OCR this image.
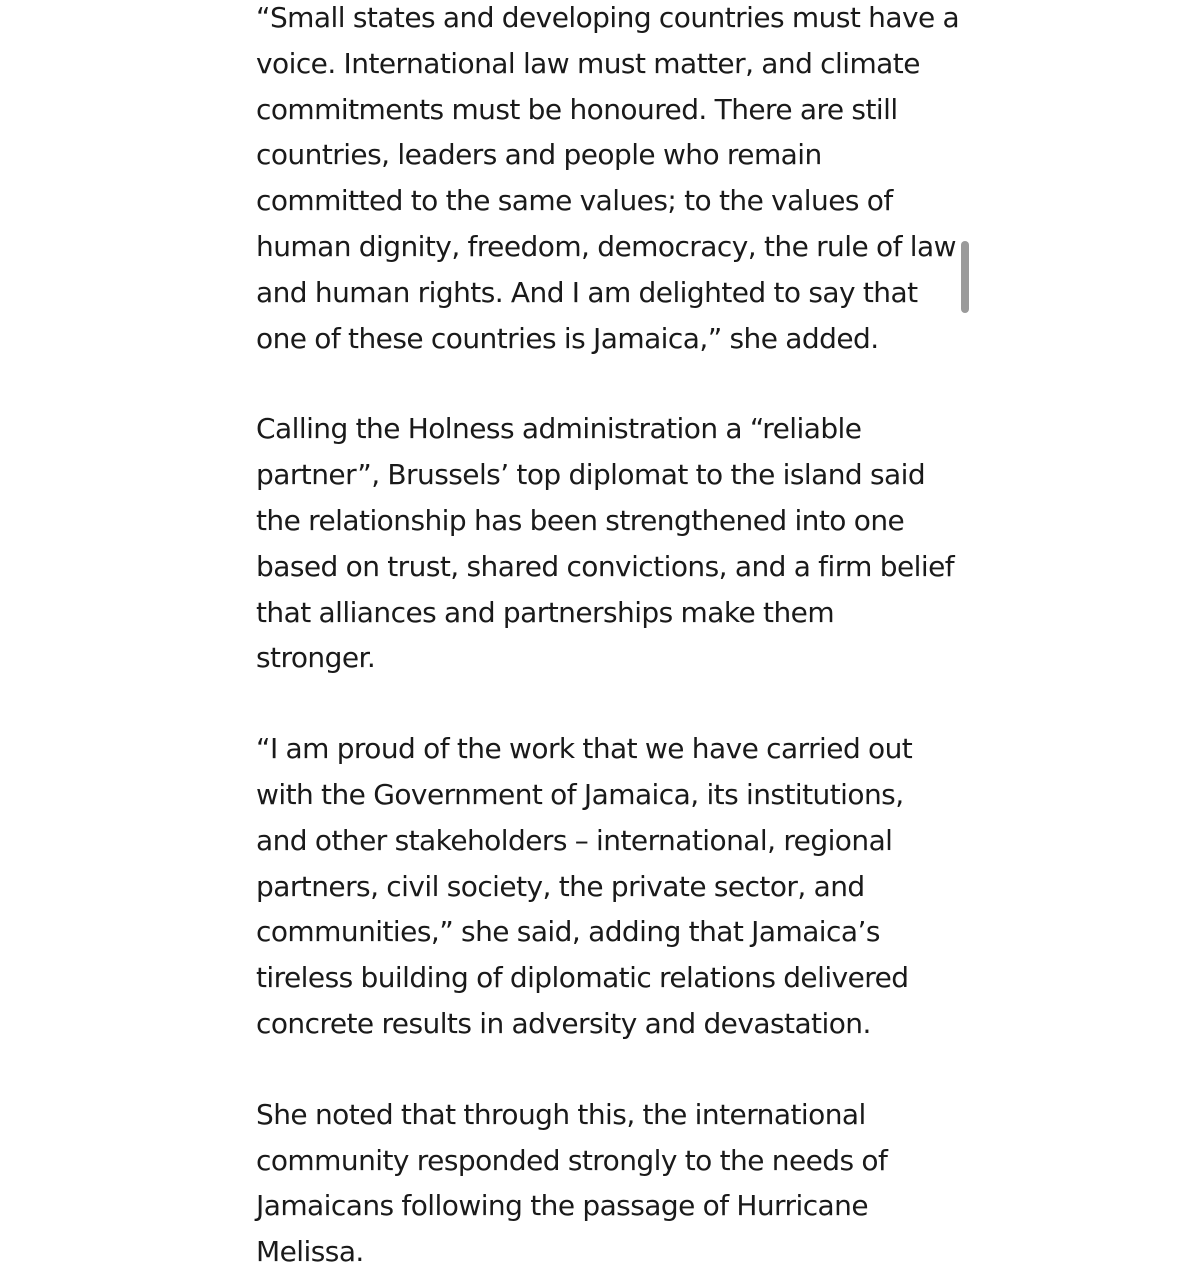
“Small states and developing countries must have a voice. International law must matter, and climate commitments must be honoured. There are still countries, leaders and people who remain committed to the same values; to the values of human dignity, freedom, democracy, the rule of law and human rights. And I am delighted to say that one of these countries is Jamaica,” she added.

Calling the Holness administration a “reliable partner”, Brussels’ top diplomat to the island said the relationship has been strengthened into one based on trust, shared convictions, and a firm belief that alliances and partnerships make them stronger.

“I am proud of the work that we have carried out with the Government of Jamaica, its institutions, and other stakeholders – international, regional partners, civil society, the private sector, and communities,” she said, adding that Jamaica’s tireless building of diplomatic relations delivered concrete results in adversity and devastation.

She noted that through this, the international community responded strongly to the needs of Jamaicans following the passage of Hurricane Melissa.
